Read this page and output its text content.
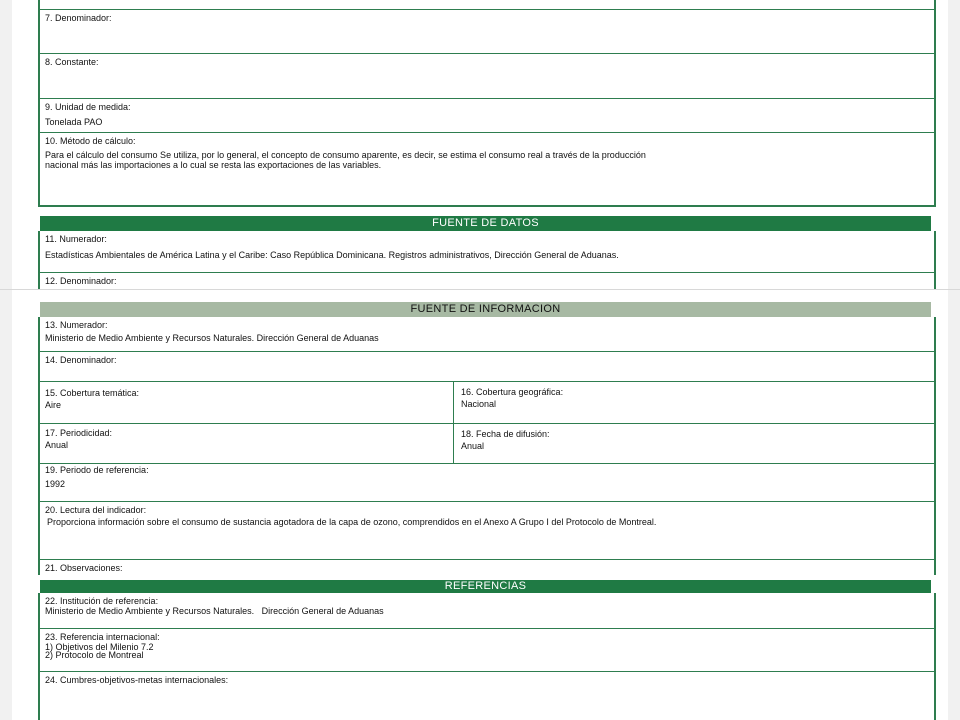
7. Denominador:
8. Constante:
9. Unidad de medida:
Tonelada PAO
10. Método de cálculo:
Para el cálculo del consumo Se utiliza, por lo general, el concepto de consumo aparente, es decir, se estima el consumo real a través de la producción
nacional más las importaciones a lo cual se resta las exportaciones de las variables.
FUENTE DE DATOS
11. Numerador:
Estadísticas Ambientales de América Latina y el Caribe: Caso República Dominicana. Registros administrativos, Dirección General de Aduanas.
12. Denominador:
FUENTE DE INFORMACION
13. Numerador:
Ministerio de Medio Ambiente y Recursos Naturales. Dirección General de Aduanas
14. Denominador:
15. Cobertura temática:
Aire
16. Cobertura geográfica:
Nacional
17. Periodicidad:
Anual
18. Fecha de difusión:
Anual
19. Periodo de referencia:
1992
20. Lectura del indicador:
Proporciona información sobre el consumo de sustancia agotadora de la capa de ozono, comprendidos en el Anexo A Grupo I del Protocolo de Montreal.
21. Observaciones:
REFERENCIAS
22. Institución de referencia:
Ministerio de Medio Ambiente y Recursos Naturales.   Dirección General de Aduanas
23. Referencia internacional:
1) Objetivos del Milenio 7.2
2) Protocolo de Montreal
24. Cumbres-objetivos-metas internacionales:
